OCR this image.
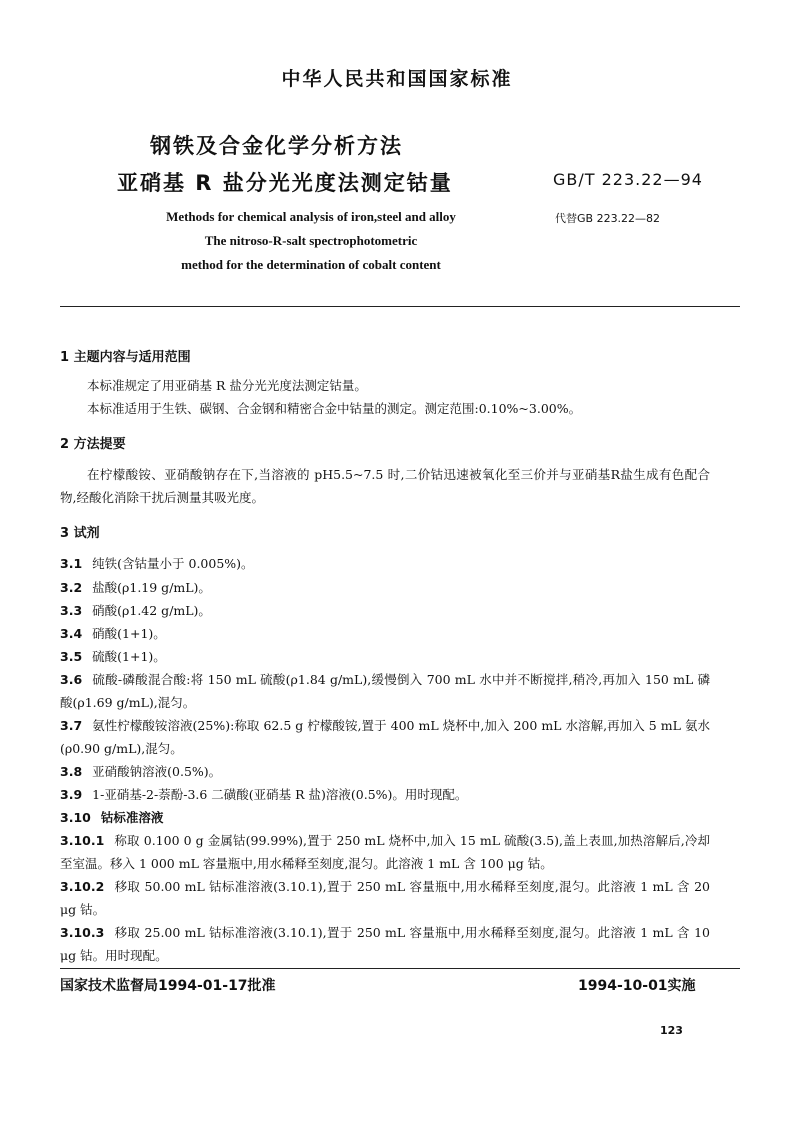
中华人民共和国国家标准
钢铁及合金化学分析方法
亚硝基 R 盐分光光度法测定钴量	GB/T 223.22—94
Methods for chemical analysis of iron,steel and alloy
The nitroso-R-salt spectrophotometric
method for the determination of cobalt content
代替GB 223.22—82
1 主题内容与适用范围
本标准规定了用亚硝基 R 盐分光光度法测定钴量。
本标准适用于生铁、碳钢、合金钢和精密合金中钴量的测定。测定范围:0.10%~3.00%。
2 方法提要
在柠檬酸铵、亚硝酸钠存在下,当溶液的 pH5.5~7.5 时,二价钴迅速被氧化至三价并与亚硝基R盐生成有色配合物,经酸化消除干扰后测量其吸光度。
3 试剂
3.1 纯铁(含钴量小于 0.005%)。
3.2 盐酸(ρ1.19 g/mL)。
3.3 硝酸(ρ1.42 g/mL)。
3.4 硝酸(1+1)。
3.5 硫酸(1+1)。
3.6 硫酸-磷酸混合酸:将 150 mL 硫酸(ρ1.84 g/mL),缓慢倒入 700 mL 水中并不断搅拌,稍冷,再加入 150 mL 磷酸(ρ1.69 g/mL),混匀。
3.7 氨性柠檬酸铵溶液(25%):称取 62.5 g 柠檬酸铵,置于 400 mL 烧杯中,加入 200 mL 水溶解,再加入 5 mL 氨水(ρ0.90 g/mL),混匀。
3.8 亚硝酸钠溶液(0.5%)。
3.9 1-亚硝基-2-萘酚-3.6 二磺酸(亚硝基 R 盐)溶液(0.5%)。用时现配。
3.10 钴标准溶液
3.10.1 称取 0.100 0 g 金属钴(99.99%),置于 250 mL 烧杯中,加入 15 mL 硫酸(3.5),盖上表皿,加热溶解后,冷却至室温。移入 1 000 mL 容量瓶中,用水稀释至刻度,混匀。此溶液 1 mL 含 100 μg 钴。
3.10.2 移取 50.00 mL 钴标准溶液(3.10.1),置于 250 mL 容量瓶中,用水稀释至刻度,混匀。此溶液 1 mL 含 20 μg 钴。
3.10.3 移取 25.00 mL 钴标准溶液(3.10.1),置于 250 mL 容量瓶中,用水稀释至刻度,混匀。此溶液 1 mL 含 10 μg 钴。用时现配。
国家技术监督局1994-01-17批准	1994-10-01实施
123
